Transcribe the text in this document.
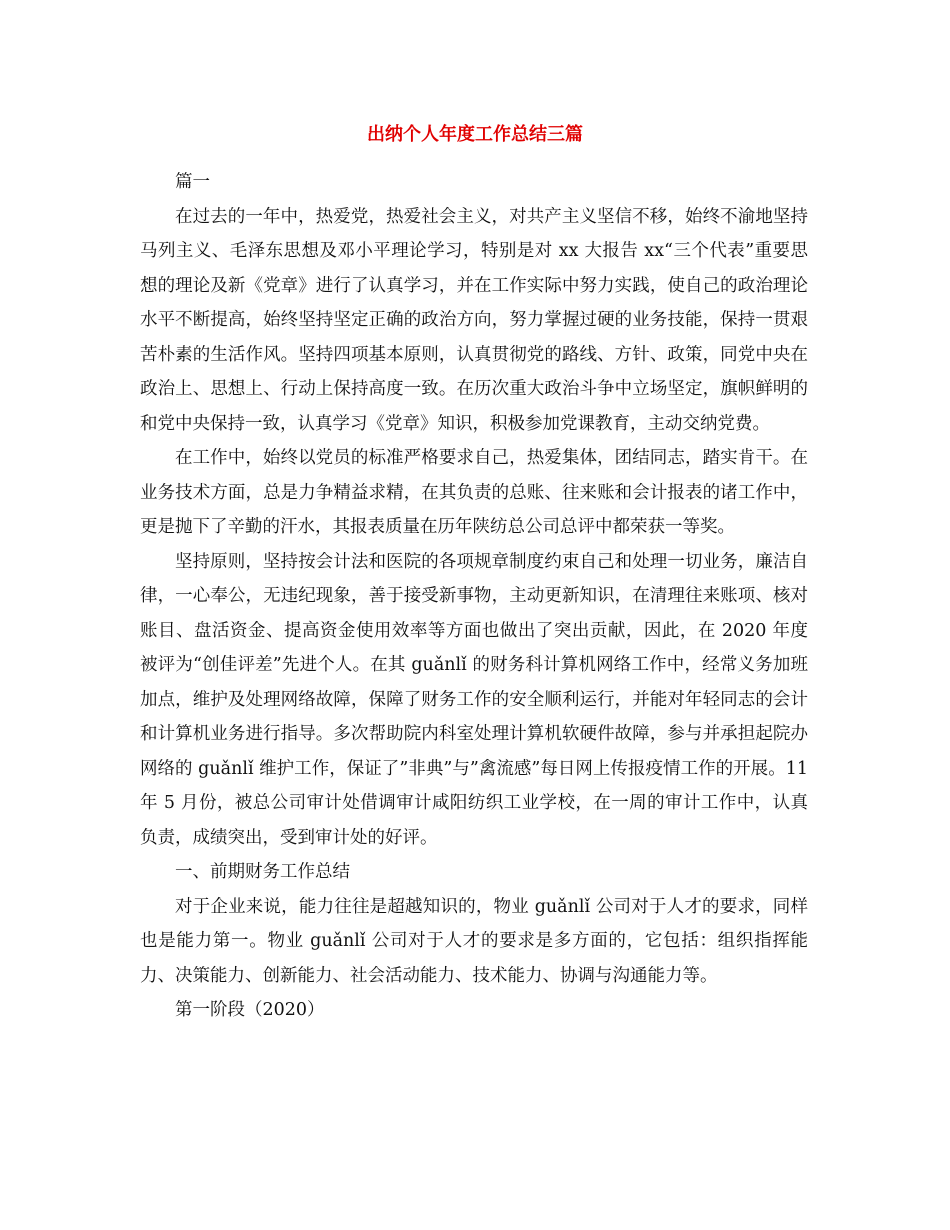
出纳个人年度工作总结三篇

篇一

在过去的一年中，热爱党，热爱社会主义，对共产主义坚信不移，始终不渝地坚持马列主义、毛泽东思想及邓小平理论学习，特别是对 xx 大报告 xx“三个代表”重要思想的理论及新《党章》进行了认真学习，并在工作实际中努力实践，使自己的政治理论水平不断提高，始终坚持坚定正确的政治方向，努力掌握过硬的业务技能，保持一贯艰苦朴素的生活作风。坚持四项基本原则，认真贯彻党的路线、方针、政策，同党中央在政治上、思想上、行动上保持高度一致。在历次重大政治斗争中立场坚定，旗帜鲜明的和党中央保持一致，认真学习《党章》知识，积极参加党课教育，主动交纳党费。

在工作中，始终以党员的标准严格要求自己，热爱集体，团结同志，踏实肯干。在业务技术方面，总是力争精益求精，在其负责的总账、往来账和会计报表的诸工作中，更是抛下了辛勤的汗水，其报表质量在历年陕纺总公司总评中都荣获一等奖。

坚持原则，坚持按会计法和医院的各项规章制度约束自己和处理一切业务，廉洁自律，一心奉公，无违纪现象，善于接受新事物，主动更新知识，在清理往来账项、核对账目、盘活资金、提高资金使用效率等方面也做出了突出贡献，因此，在 2020 年度被评为“创佳评差”先进个人。在其 guǎnlǐ 的财务科计算机网络工作中，经常义务加班加点，维护及处理网络故障，保障了财务工作的安全顺利运行，并能对年轻同志的会计和计算机业务进行指导。多次帮助院内科室处理计算机软硬件故障，参与并承担起院办网络的 guǎnlǐ 维护工作，保证了”非典”与”禽流感”每日网上传报疫情工作的开展。11 年 5 月份，被总公司审计处借调审计咸阳纺织工业学校，在一周的审计工作中，认真负责，成绩突出，受到审计处的好评。

一、前期财务工作总结

对于企业来说，能力往往是超越知识的，物业 guǎnlǐ 公司对于人才的要求，同样也是能力第一。物业 guǎnlǐ 公司对于人才的要求是多方面的，它包括：组织指挥能力、决策能力、创新能力、社会活动能力、技术能力、协调与沟通能力等。

第一阶段（2020）
